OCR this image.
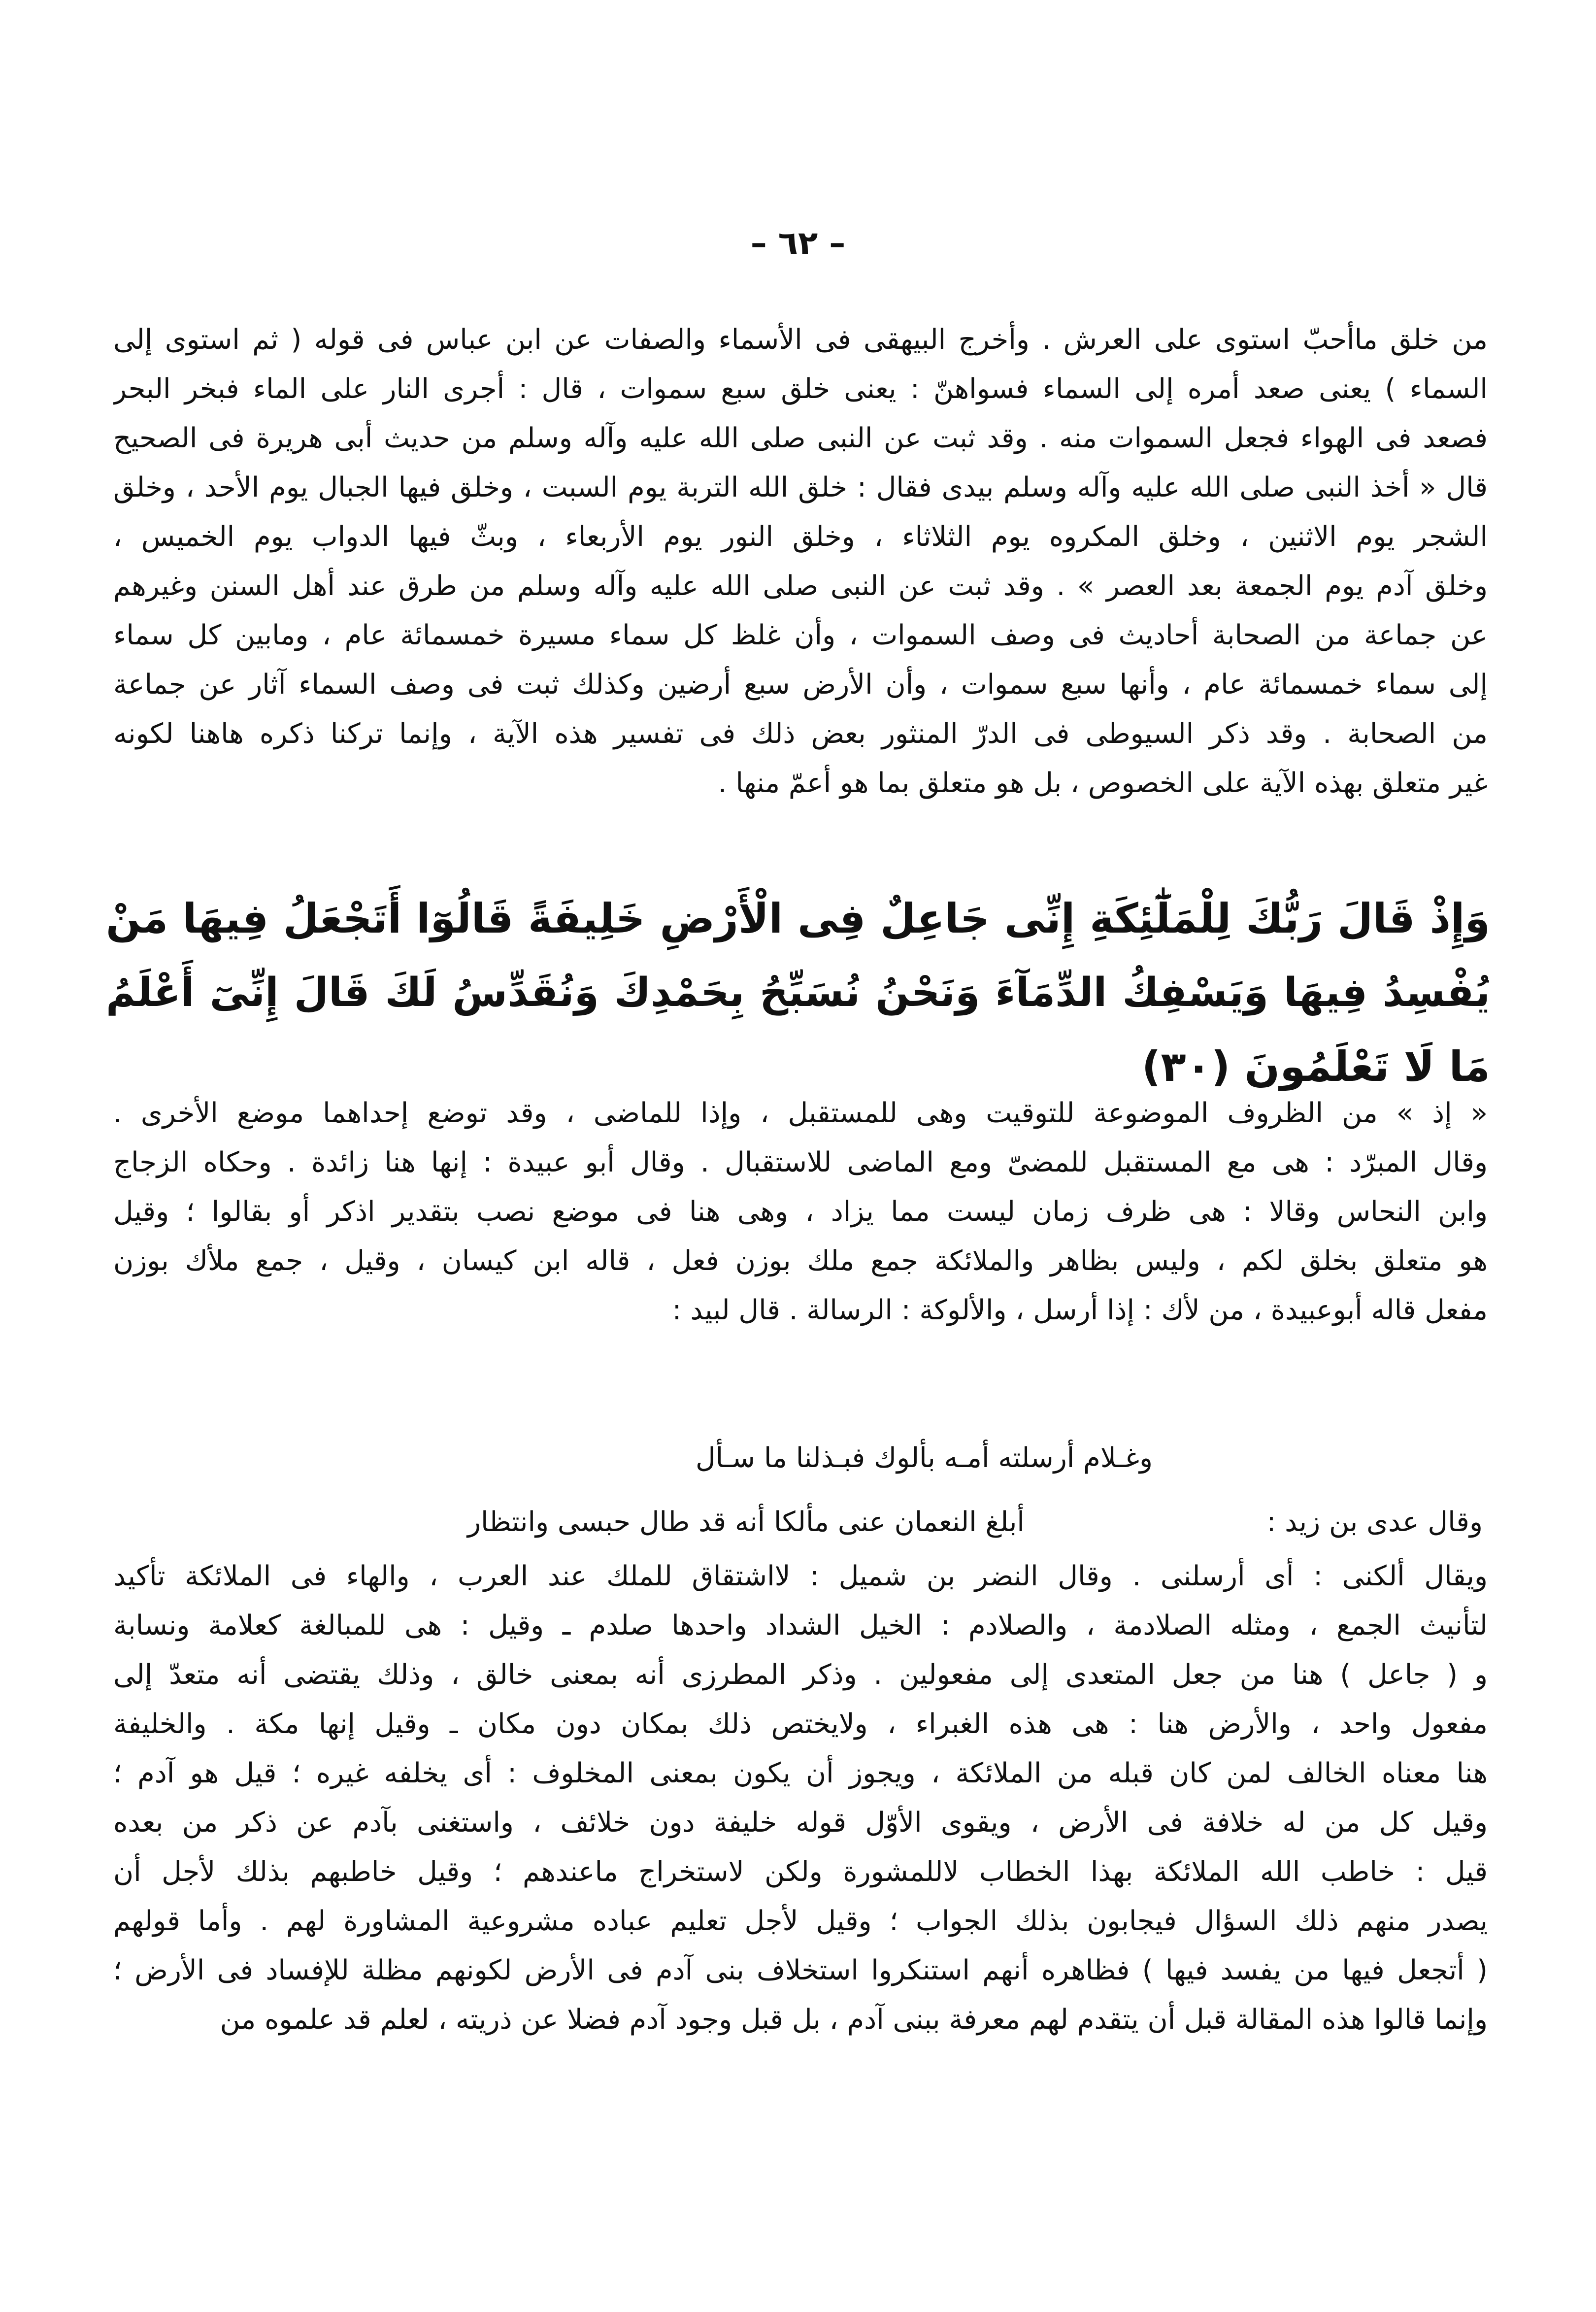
– ٦٢ –
من خلق ماأحبّ استوى على العرش . وأخرج البيهقى فى الأسماء والصفات عن ابن عباس فى قوله ( ثم استوى إلى
السماء ) يعنى صعد أمره إلى السماء فسواهنّ : يعنى خلق سبع سموات ، قال : أجرى النار على الماء فبخر البحر
فصعد فى الهواء فجعل السموات منه . وقد ثبت عن النبى صلى الله عليه وآله وسلم من حديث أبى هريرة فى الصحيح
قال « أخذ النبى صلى الله عليه وآله وسلم بيدى فقال : خلق الله التربة يوم السبت ، وخلق فيها الجبال يوم الأحد ، وخلق
الشجر يوم الاثنين ، وخلق المكروه يوم الثلاثاء ، وخلق النور يوم الأربعاء ، وبثّ فيها الدواب يوم الخميس ،
وخلق آدم يوم الجمعة بعد العصر » . وقد ثبت عن النبى صلى الله عليه وآله وسلم من طرق عند أهل السنن وغيرهم
عن جماعة من الصحابة أحاديث فى وصف السموات ، وأن غلظ كل سماء مسيرة خمسمائة عام ، ومابين كل سماء
إلى سماء خمسمائة عام ، وأنها سبع سموات ، وأن الأرض سبع أرضين وكذلك ثبت فى وصف السماء آثار عن جماعة
من الصحابة . وقد ذكر السيوطى فى الدرّ المنثور بعض ذلك فى تفسير هذه الآية ، وإنما تركنا ذكره هاهنا لكونه
غير متعلق بهذه الآية على الخصوص ، بل هو متعلق بما هو أعمّ منها .
وَإِذْ قَالَ رَبُّكَ لِلْمَلَٰٓئِكَةِ إِنِّى جَاعِلٌ فِى الْأَرْضِ خَلِيفَةً قَالُوٓا أَتَجْعَلُ فِيهَا مَنْ
يُفْسِدُ فِيهَا وَيَسْفِكُ الدِّمَآءَ وَنَحْنُ نُسَبِّحُ بِحَمْدِكَ وَنُقَدِّسُ لَكَ قَالَ إِنِّىٓ أَعْلَمُ
مَا لَا تَعْلَمُونَ (٣٠)
« إذ » من الظروف الموضوعة للتوقيت وهى للمستقبل ، وإذا للماضى ، وقد توضع إحداهما موضع الأخرى .
وقال المبرّد : هى مع المستقبل للمضىّ ومع الماضى للاستقبال . وقال أبو عبيدة : إنها هنا زائدة . وحكاه الزجاج
وابن النحاس وقالا : هى ظرف زمان ليست مما يزاد ، وهى هنا فى موضع نصب بتقدير اذكر أو بقالوا ؛ وقيل
هو متعلق بخلق لكم ، وليس بظاهر والملائكة جمع ملك بوزن فعل ، قاله ابن كيسان ، وقيل ، جمع ملأك بوزن
مفعل قاله أبوعبيدة ، من لأك : إذا أرسل ، والألوكة : الرسالة . قال لبيد :
وغـلام أرسلته أمـه بألوك فبـذلنا ما سـأل
وقال عدى بن زيد :
أبلغ النعمان عنى مألكا أنه قد طال حبسى وانتظار
ويقال ألكنى : أى أرسلنى . وقال النضر بن شميل : لااشتقاق للملك عند العرب ، والهاء فى الملائكة تأكيد
لتأنيث الجمع ، ومثله الصلادمة ، والصلادم : الخيل الشداد واحدها صلدم ـ وقيل : هى للمبالغة كعلامة ونسابة
و ( جاعل ) هنا من جعل المتعدى إلى مفعولين . وذكر المطرزى أنه بمعنى خالق ، وذلك يقتضى أنه متعدّ إلى
مفعول واحد ، والأرض هنا : هى هذه الغبراء ، ولايختص ذلك بمكان دون مكان ـ وقيل إنها مكة . والخليفة
هنا معناه الخالف لمن كان قبله من الملائكة ، ويجوز أن يكون بمعنى المخلوف : أى يخلفه غيره ؛ قيل هو آدم ؛
وقيل كل من له خلافة فى الأرض ، ويقوى الأوّل قوله خليفة دون خلائف ، واستغنى بآدم عن ذكر من بعده
قيل : خاطب الله الملائكة بهذا الخطاب لاللمشورة ولكن لاستخراج ماعندهم ؛ وقيل خاطبهم بذلك لأجل أن
يصدر منهم ذلك السؤال فيجابون بذلك الجواب ؛ وقيل لأجل تعليم عباده مشروعية المشاورة لهم . وأما قولهم
( أتجعل فيها من يفسد فيها ) فظاهره أنهم استنكروا استخلاف بنى آدم فى الأرض لكونهم مظلة للإفساد فى الأرض ؛
وإنما قالوا هذه المقالة قبل أن يتقدم لهم معرفة ببنى آدم ، بل قبل وجود آدم فضلا عن ذريته ، لعلم قد علموه من
